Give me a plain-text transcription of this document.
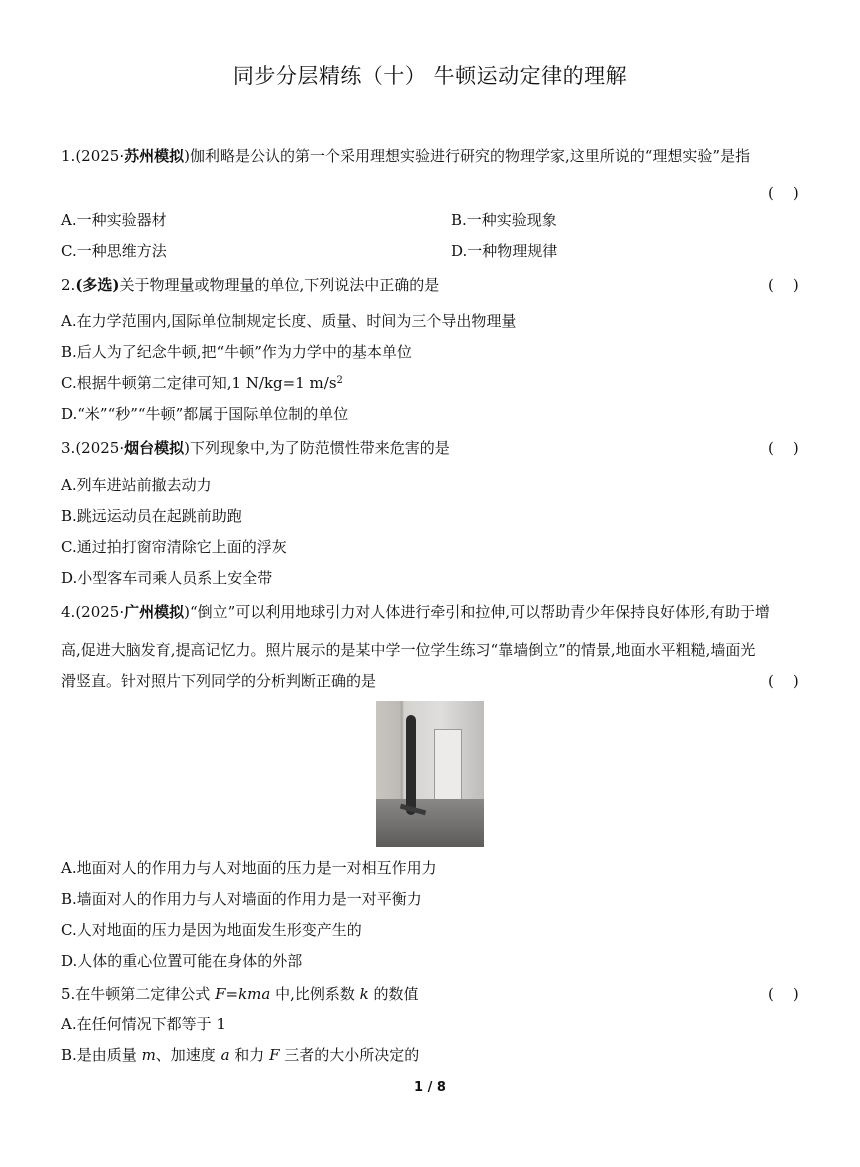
同步分层精练（十） 牛顿运动定律的理解
1.(2025·苏州模拟)伽利略是公认的第一个采用理想实验进行研究的物理学家,这里所说的“理想实验”是指
(    )
A.一种实验器材	B.一种实验现象
C.一种思维方法	D.一种物理规律
2.(多选)关于物理量或物理量的单位,下列说法中正确的是	(    )
A.在力学范围内,国际单位制规定长度、质量、时间为三个导出物理量
B.后人为了纪念牛顿,把“牛顿”作为力学中的基本单位
C.根据牛顿第二定律可知,1 N/kg=1 $m/s^2$
D.“米”“秒”“牛顿”都属于国际单位制的单位
3.(2025·烟台模拟)下列现象中,为了防范惯性带来危害的是	(    )
A.列车进站前撤去动力
B.跳远运动员在起跳前助跑
C.通过拍打窗帘清除它上面的浮灰
D.小型客车司乘人员系上安全带
4.(2025·广州模拟)“倒立”可以利用地球引力对人体进行牵引和拉伸,可以帮助青少年保持良好体形,有助于增
高,促进大脑发育,提高记忆力。照片展示的是某中学一位学生练习“靠墙倒立”的情景,地面水平粗糙,墙面光
滑竖直。针对照片下列同学的分析判断正确的是	(    )
A.地面对人的作用力与人对地面的压力是一对相互作用力
B.墙面对人的作用力与人对墙面的作用力是一对平衡力
C.人对地面的压力是因为地面发生形变产生的
D.人体的重心位置可能在身体的外部
5.在牛顿第二定律公式 F=kma 中,比例系数 k 的数值	(    )
A.在任何情况下都等于 1
B.是由质量 m、加速度 a 和力 F 三者的大小所决定的
1 / 8
